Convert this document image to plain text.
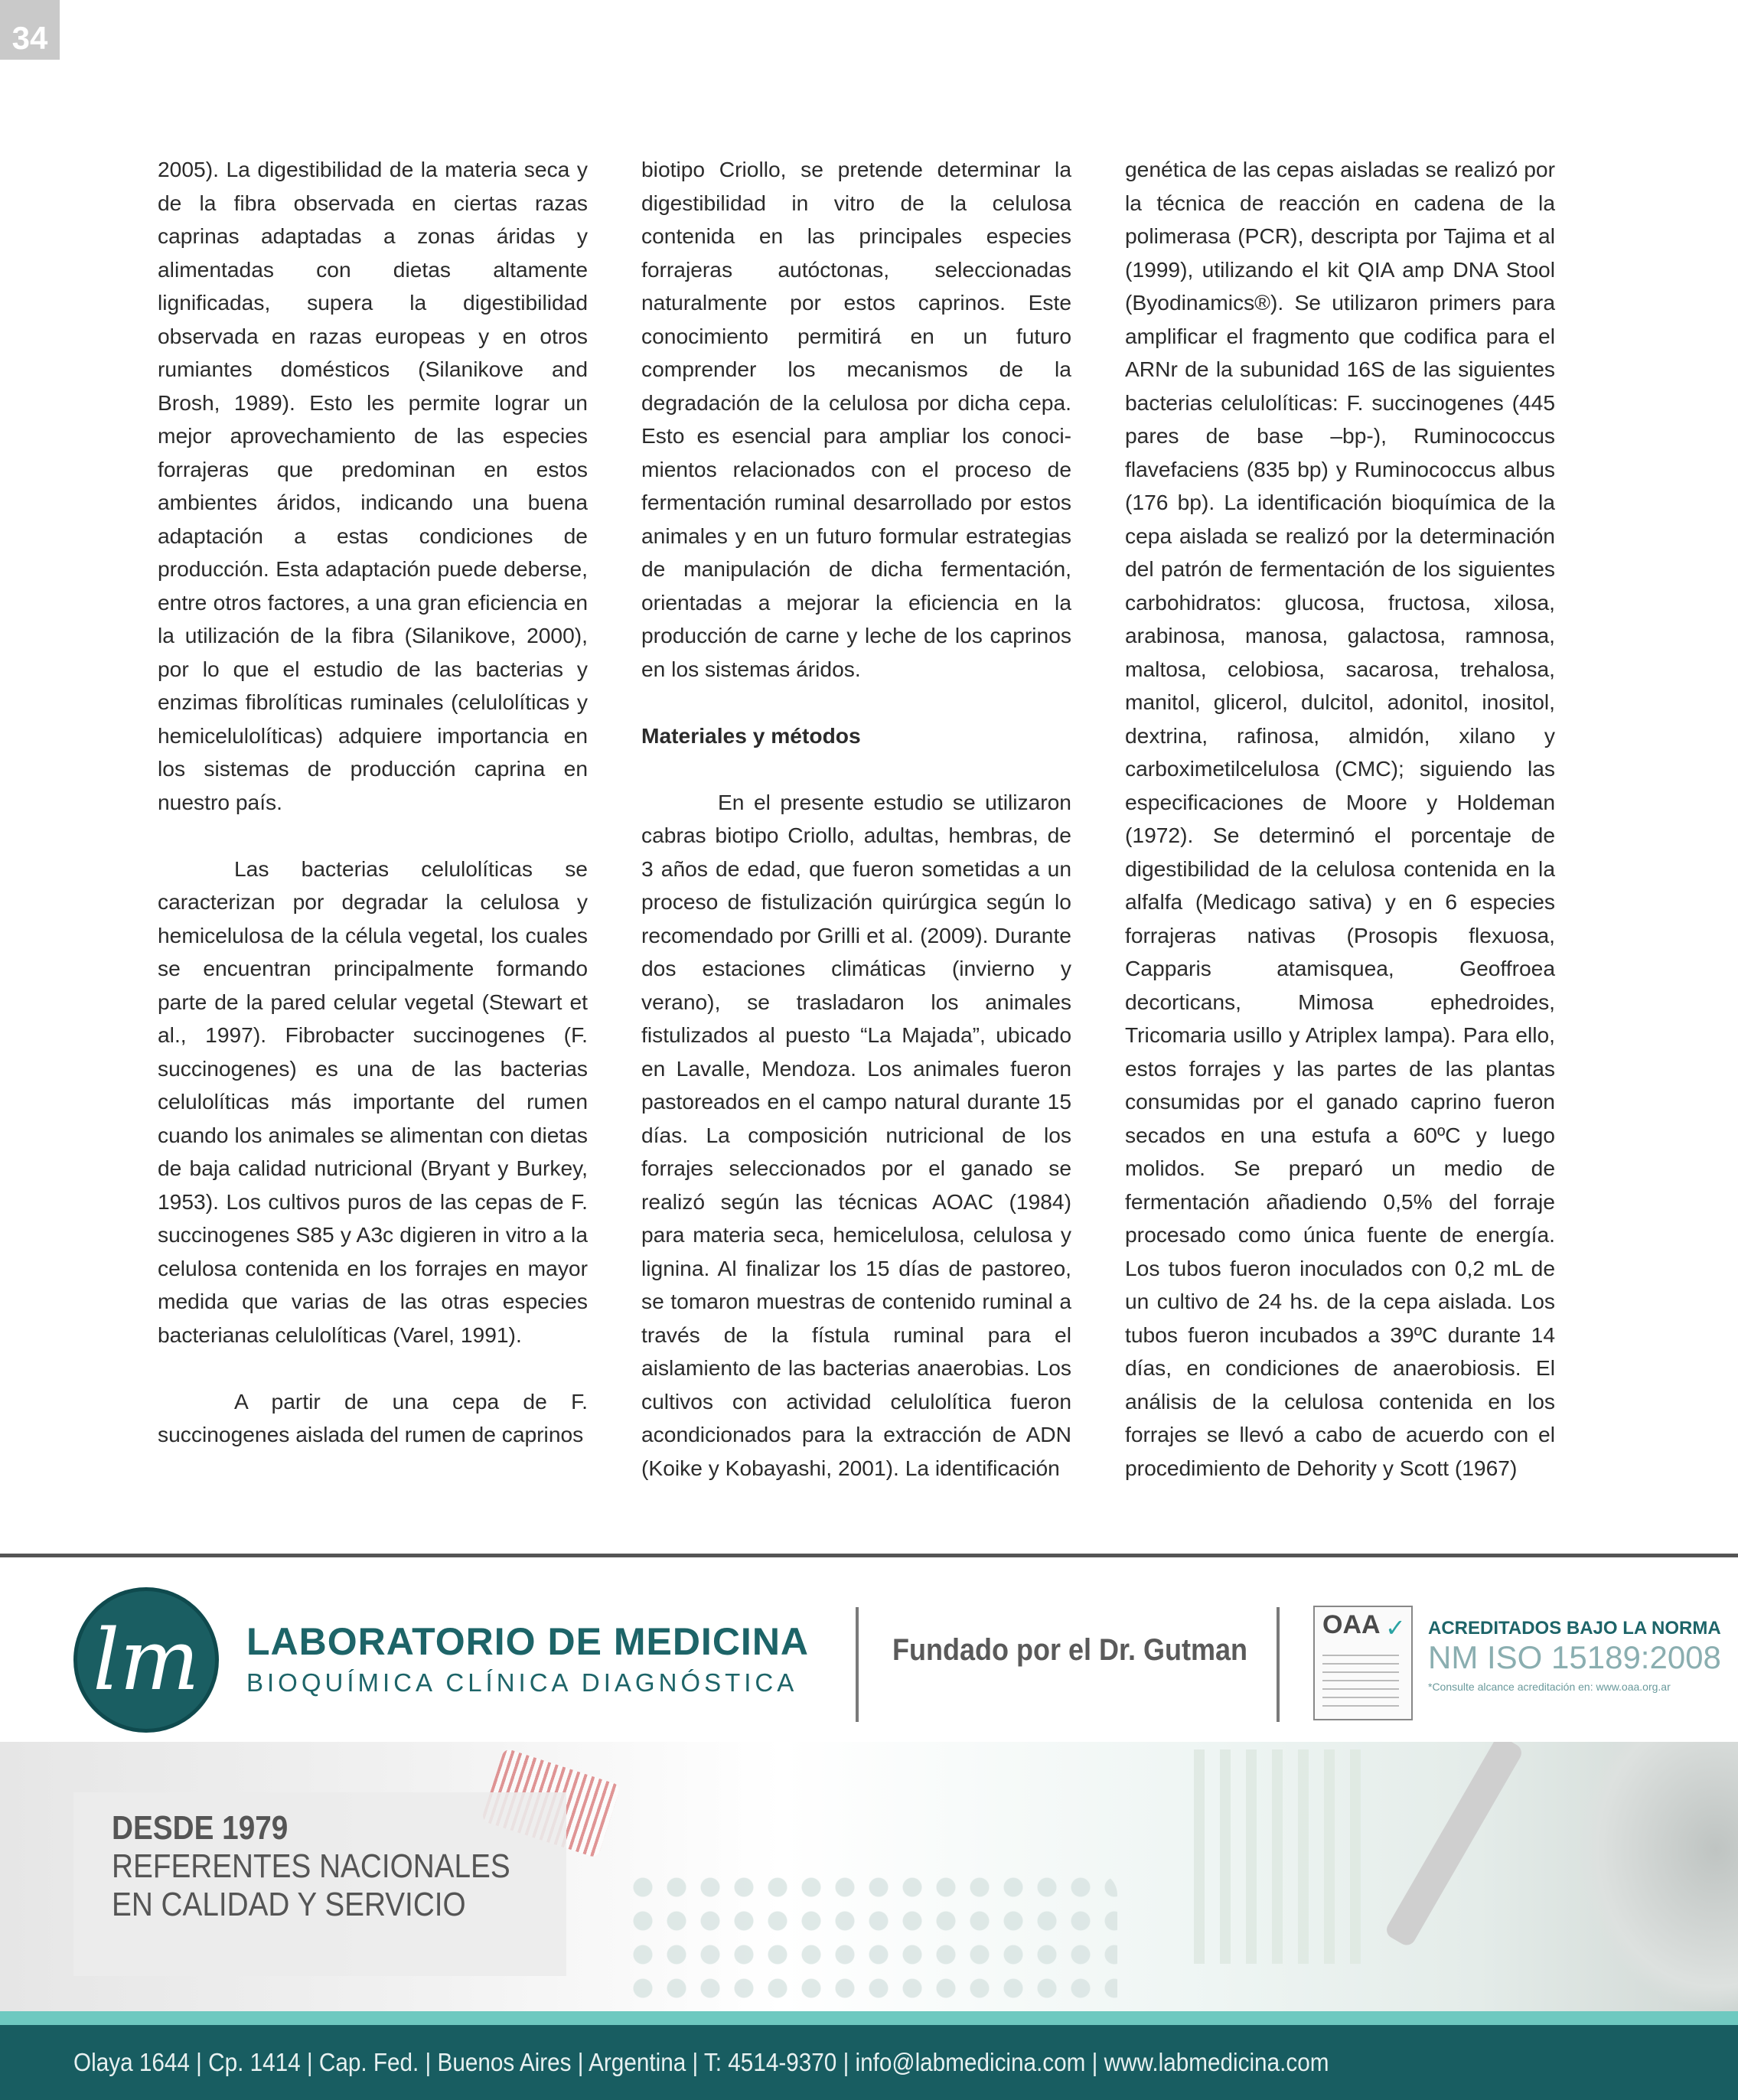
34

2005). La digestibilidad de la materia seca y de la fibra observada en ciertas razas caprinas adaptadas a zonas áridas y alimentadas con dietas altamente lignificadas, supera la digestibilidad observada en razas europeas y en otros rumiantes domésticos (Silanikove and Brosh, 1989). Esto les permite lograr un mejor aprovechamiento de las especies forrajeras que predominan en estos ambientes áridos, indicando una buena adaptación a estas condiciones de producción. Esta adaptación puede deberse, entre otros factores, a una gran eficiencia en la utilización de la fibra (Silanikove, 2000), por lo que el estudio de las bacterias y enzimas fibrolíticas ruminales (celulolíticas y hemicelulolíticas) adquiere importancia en los sistemas de producción caprina en nuestro país.

Las bacterias celulolíticas se caracterizan por degradar la celulosa y hemicelulosa de la célula vegetal, los cuales se encuentran principalmente formando parte de la pared celular vegetal (Stewart et al., 1997). Fibrobacter succinogenes (F. succinogenes) es una de las bacterias celulolíticas más importante del rumen cuando los animales se alimentan con dietas de baja calidad nutricional (Bryant y Burkey, 1953). Los cultivos puros de las cepas de F. succinogenes S85 y A3c digieren in vitro a la celulosa contenida en los forrajes en mayor medida que varias de las otras especies bacterianas celulolíticas (Varel, 1991).

A partir de una cepa de F. succinogenes aislada del rumen de caprinos

biotipo Criollo, se pretende determinar la digestibilidad in vitro de la celulosa contenida en las principales especies forrajeras autóctonas, seleccionadas naturalmente por estos caprinos. Este conocimiento permitirá en un futuro comprender los mecanismos de la degradación de la celulosa por dicha cepa. Esto es esencial para ampliar los conoci-mientos relacionados con el proceso de fermentación ruminal desarrollado por estos animales y en un futuro formular estrategias de manipulación de dicha fermentación, orientadas a mejorar la eficiencia en la producción de carne y leche de los caprinos en los sistemas áridos.

Materiales y métodos

En el presente estudio se utilizaron cabras biotipo Criollo, adultas, hembras, de 3 años de edad, que fueron sometidas a un proceso de fistulización quirúrgica según lo recomendado por Grilli et al. (2009). Durante dos estaciones climáticas (invierno y verano), se trasladaron los animales fistulizados al puesto “La Majada”, ubicado en Lavalle, Mendoza. Los animales fueron pastoreados en el campo natural durante 15 días. La composición nutricional de los forrajes seleccionados por el ganado se realizó según las técnicas AOAC (1984) para materia seca, hemicelulosa, celulosa y lignina. Al finalizar los 15 días de pastoreo, se tomaron muestras de contenido ruminal a través de la fístula ruminal para el aislamiento de las bacterias anaerobias. Los cultivos con actividad celulolítica fueron acondicionados para la extracción de ADN (Koike y Kobayashi, 2001). La identificación

genética de las cepas aisladas se realizó por la técnica de reacción en cadena de la polimerasa (PCR), descripta por Tajima et al (1999), utilizando el kit QIA amp DNA Stool (Byodinamics®). Se utilizaron primers para amplificar el fragmento que codifica para el ARNr de la subunidad 16S de las siguientes bacterias celulolíticas: F. succinogenes (445 pares de base –bp-), Ruminococcus flavefaciens (835 bp) y Ruminococcus albus (176 bp). La identificación bioquímica de la cepa aislada se realizó por la determinación del patrón de fermentación de los siguientes carbohidratos: glucosa, fructosa, xilosa, arabinosa, manosa, galactosa, ramnosa, maltosa, celobiosa, sacarosa, trehalosa, manitol, glicerol, dulcitol, adonitol, inositol, dextrina, rafinosa, almidón, xilano y carboximetilcelulosa (CMC); siguiendo las especificaciones de Moore y Holdeman (1972). Se determinó el porcentaje de digestibilidad de la celulosa contenida en la alfalfa (Medicago sativa) y en 6 especies forrajeras nativas (Prosopis flexuosa, Capparis atamisquea, Geoffroea decorticans, Mimosa ephedroides, Tricomaria usillo y Atriplex lampa). Para ello, estos forrajes y las partes de las plantas consumidas por el ganado caprino fueron secados en una estufa a 60ºC y luego molidos. Se preparó un medio de fermentación añadiendo 0,5% del forraje procesado como única fuente de energía. Los tubos fueron inoculados con 0,2 mL de un cultivo de 24 hs. de la cepa aislada. Los tubos fueron incubados a 39ºC durante 14 días, en condiciones de anaerobiosis. El análisis de la celulosa contenida en los forrajes se llevó a cabo de acuerdo con el procedimiento de Dehority y Scott (1967)

lm LABORATORIO DE MEDICINA
BIOQUÍMICA CLÍNICA DIAGNÓSTICA
Fundado por el Dr. Gutman
OAA ✓ ACREDITADOS BAJO LA NORMA
NM ISO 15189:2008
*Consulte alcance acreditación en: www.oaa.org.ar
DESDE 1979
REFERENTES NACIONALES
EN CALIDAD Y SERVICIO
Olaya 1644 | Cp. 1414 | Cap. Fed. | Buenos Aires | Argentina | T: 4514-9370 | info@labmedicina.com | www.labmedicina.com
